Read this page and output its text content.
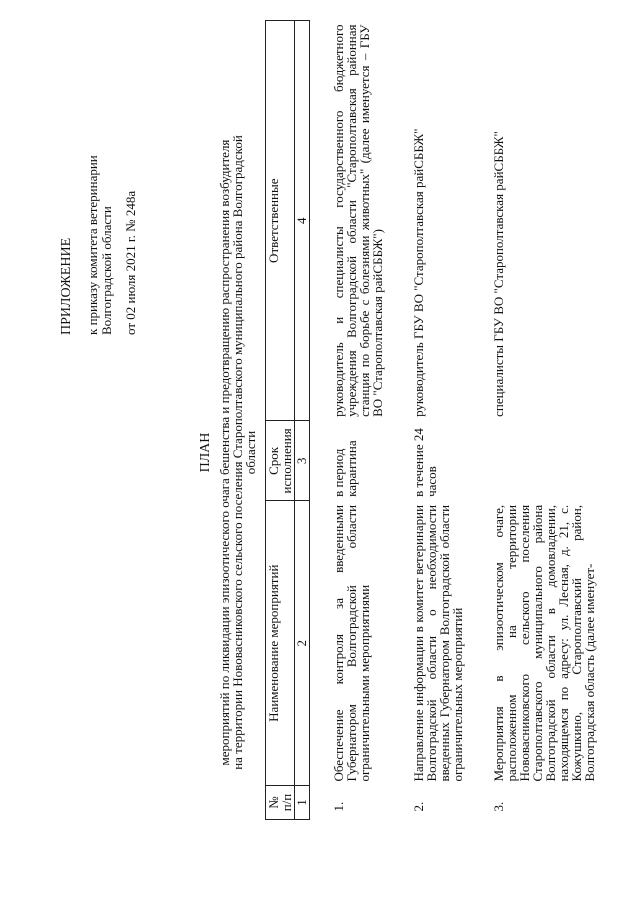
ПРИЛОЖЕНИЕ к приказу комитета ветеринарии Волгоградской области от 02 июля 2021 г. № 248а
ПЛАН мероприятий по ликвидации эпизоотического очага бешенства и предотвращению распространения возбудителя
на территории Нововасниковского сельского поселения Старополтавского муниципального района Волгоградской
области
№ п/п	Наименование мероприятий	Срок исполнения	Ответственные
1	2	3	4
1.	Обеспечение контроля за введенными Губернатором Волгоградской области ограничительными мероприятиями	в период карантина	руководитель и специалисты государственного бюджетного учреждения Волгоградской области "Старополтавская районная станция по борьбе с болезнями животных" (далее именуется – ГБУ ВО "Старополтавская райСББЖ")
2.	Направление информации в комитет ветеринарии Волгоградской области о необходимости введенных Губернатором Волгоградской области ограничительных мероприятий	в течение 24 часов	руководитель ГБУ ВО "Старополтавская райСББЖ"
3.	Мероприятия в эпизоотическом очаге, расположенном на территории Нововасниковского сельского поселения Старополтавского муниципального района Волгоградской области в домовладении, находящемся по адресу: ул. Лесная, д. 21, с. Кожушкино, Старополтавский район, Волгоградская область (далее именует-		специалисты ГБУ ВО "Старополтавская райСББЖ"
